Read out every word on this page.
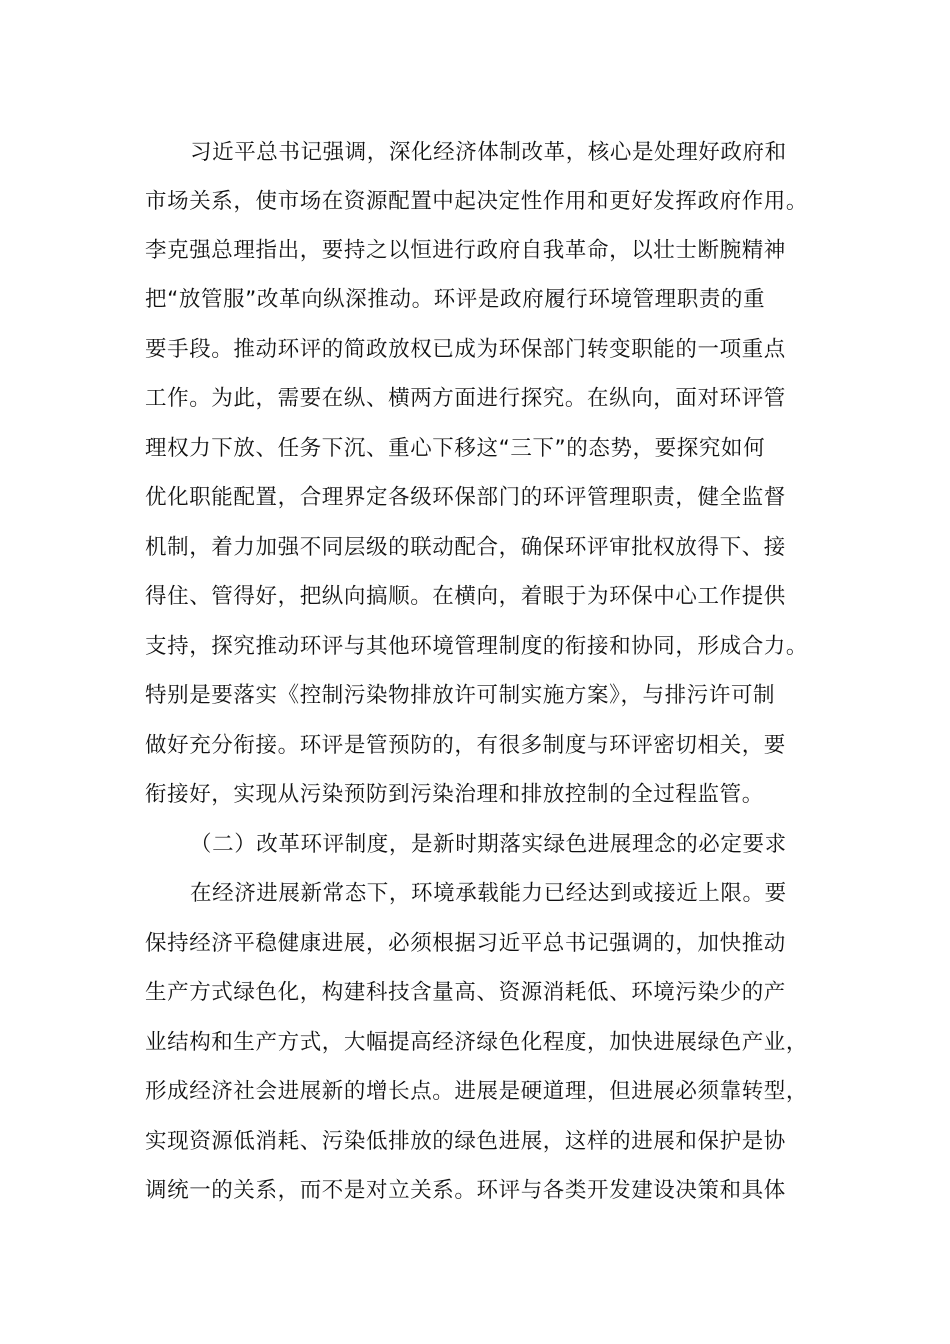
习近平总书记强调，深化经济体制改革，核心是处理好政府和
市场关系，使市场在资源配置中起决定性作用和更好发挥政府作用。
李克强总理指出，要持之以恒进行政府自我革命，以壮士断腕精神
把“放管服”改革向纵深推动。环评是政府履行环境管理职责的重
要手段。推动环评的简政放权已成为环保部门转变职能的一项重点
工作。为此，需要在纵、横两方面进行探究。在纵向，面对环评管
理权力下放、任务下沉、重心下移这“三下”的态势，要探究如何
优化职能配置，合理界定各级环保部门的环评管理职责，健全监督
机制，着力加强不同层级的联动配合，确保环评审批权放得下、接
得住、管得好，把纵向搞顺。在横向，着眼于为环保中心工作提供
支持，探究推动环评与其他环境管理制度的衔接和协同，形成合力。
特别是要落实《控制污染物排放许可制实施方案》，与排污许可制
做好充分衔接。环评是管预防的，有很多制度与环评密切相关，要
衔接好，实现从污染预防到污染治理和排放控制的全过程监管。
（二）改革环评制度，是新时期落实绿色进展理念的必定要求
在经济进展新常态下，环境承载能力已经达到或接近上限。要
保持经济平稳健康进展，必须根据习近平总书记强调的，加快推动
生产方式绿色化，构建科技含量高、资源消耗低、环境污染少的产
业结构和生产方式，大幅提高经济绿色化程度，加快进展绿色产业，
形成经济社会进展新的增长点。进展是硬道理，但进展必须靠转型，
实现资源低消耗、污染低排放的绿色进展，这样的进展和保护是协
调统一的关系，而不是对立关系。环评与各类开发建设决策和具体
